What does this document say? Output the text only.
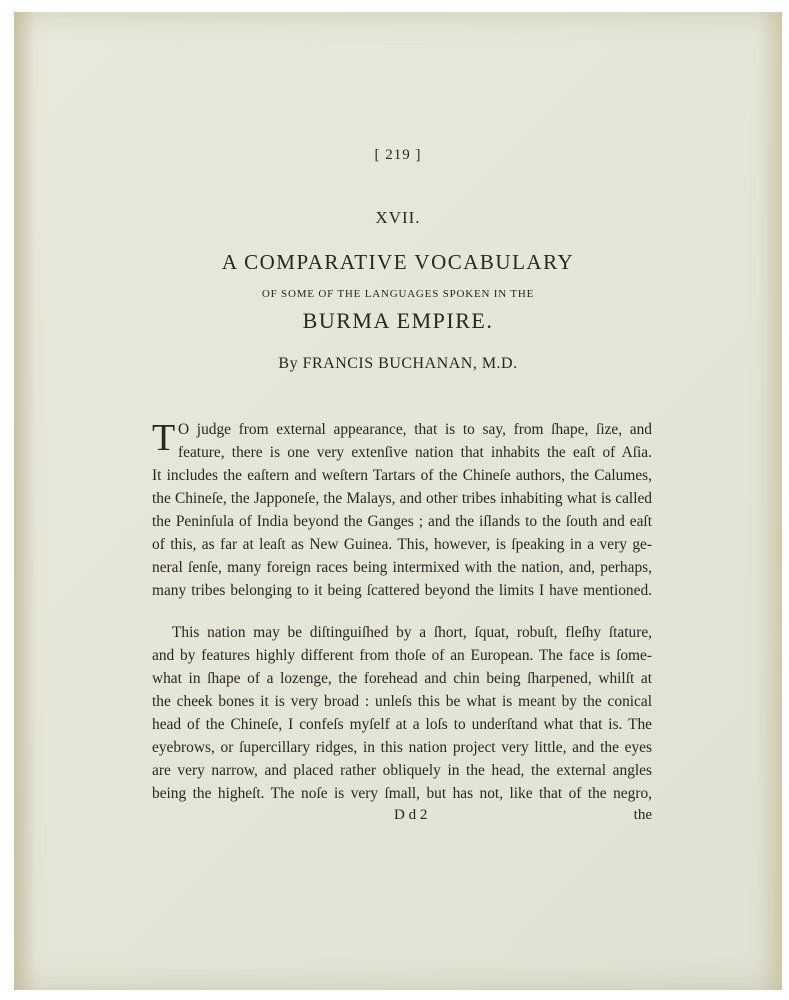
[ 219 ]
XVII.
A COMPARATIVE VOCABULARY
OF SOME OF THE LANGUAGES SPOKEN IN THE
BURMA EMPIRE.
By FRANCIS BUCHANAN, M.D.
T O judge from external appearance, that is to say, from ſhape, ſize, and
feature, there is one very extenſive nation that inhabits the eaſt of Aſia.
It includes the eaſtern and weſtern Tartars of the Chineſe authors, the Calumes,
the Chineſe, the Japponeſe, the Malays, and other tribes inhabiting what is called
the Peninſula of India beyond the Ganges ; and the iſlands to the ſouth and eaſt
of this, as far at leaſt as New Guinea. This, however, is ſpeaking in a very ge-
neral ſenſe, many foreign races being intermixed with the nation, and, perhaps,
many tribes belonging to it being ſcattered beyond the limits I have mentioned.
This nation may be diſtinguiſhed by a ſhort, ſquat, robuſt, fleſhy ſtature,
and by features highly different from thoſe of an European. The face is ſome-
what in ſhape of a lozenge, the forehead and chin being ſharpened, whilſt at
the cheek bones it is very broad : unleſs this be what is meant by the conical
head of the Chineſe, I confeſs myſelf at a loſs to underſtand what that is. The
eyebrows, or ſupercillary ridges, in this nation project very little, and the eyes
are very narrow, and placed rather obliquely in the head, the external angles
being the higheſt. The noſe is very ſmall, but has not, like that of the negro,
D d 2	the
